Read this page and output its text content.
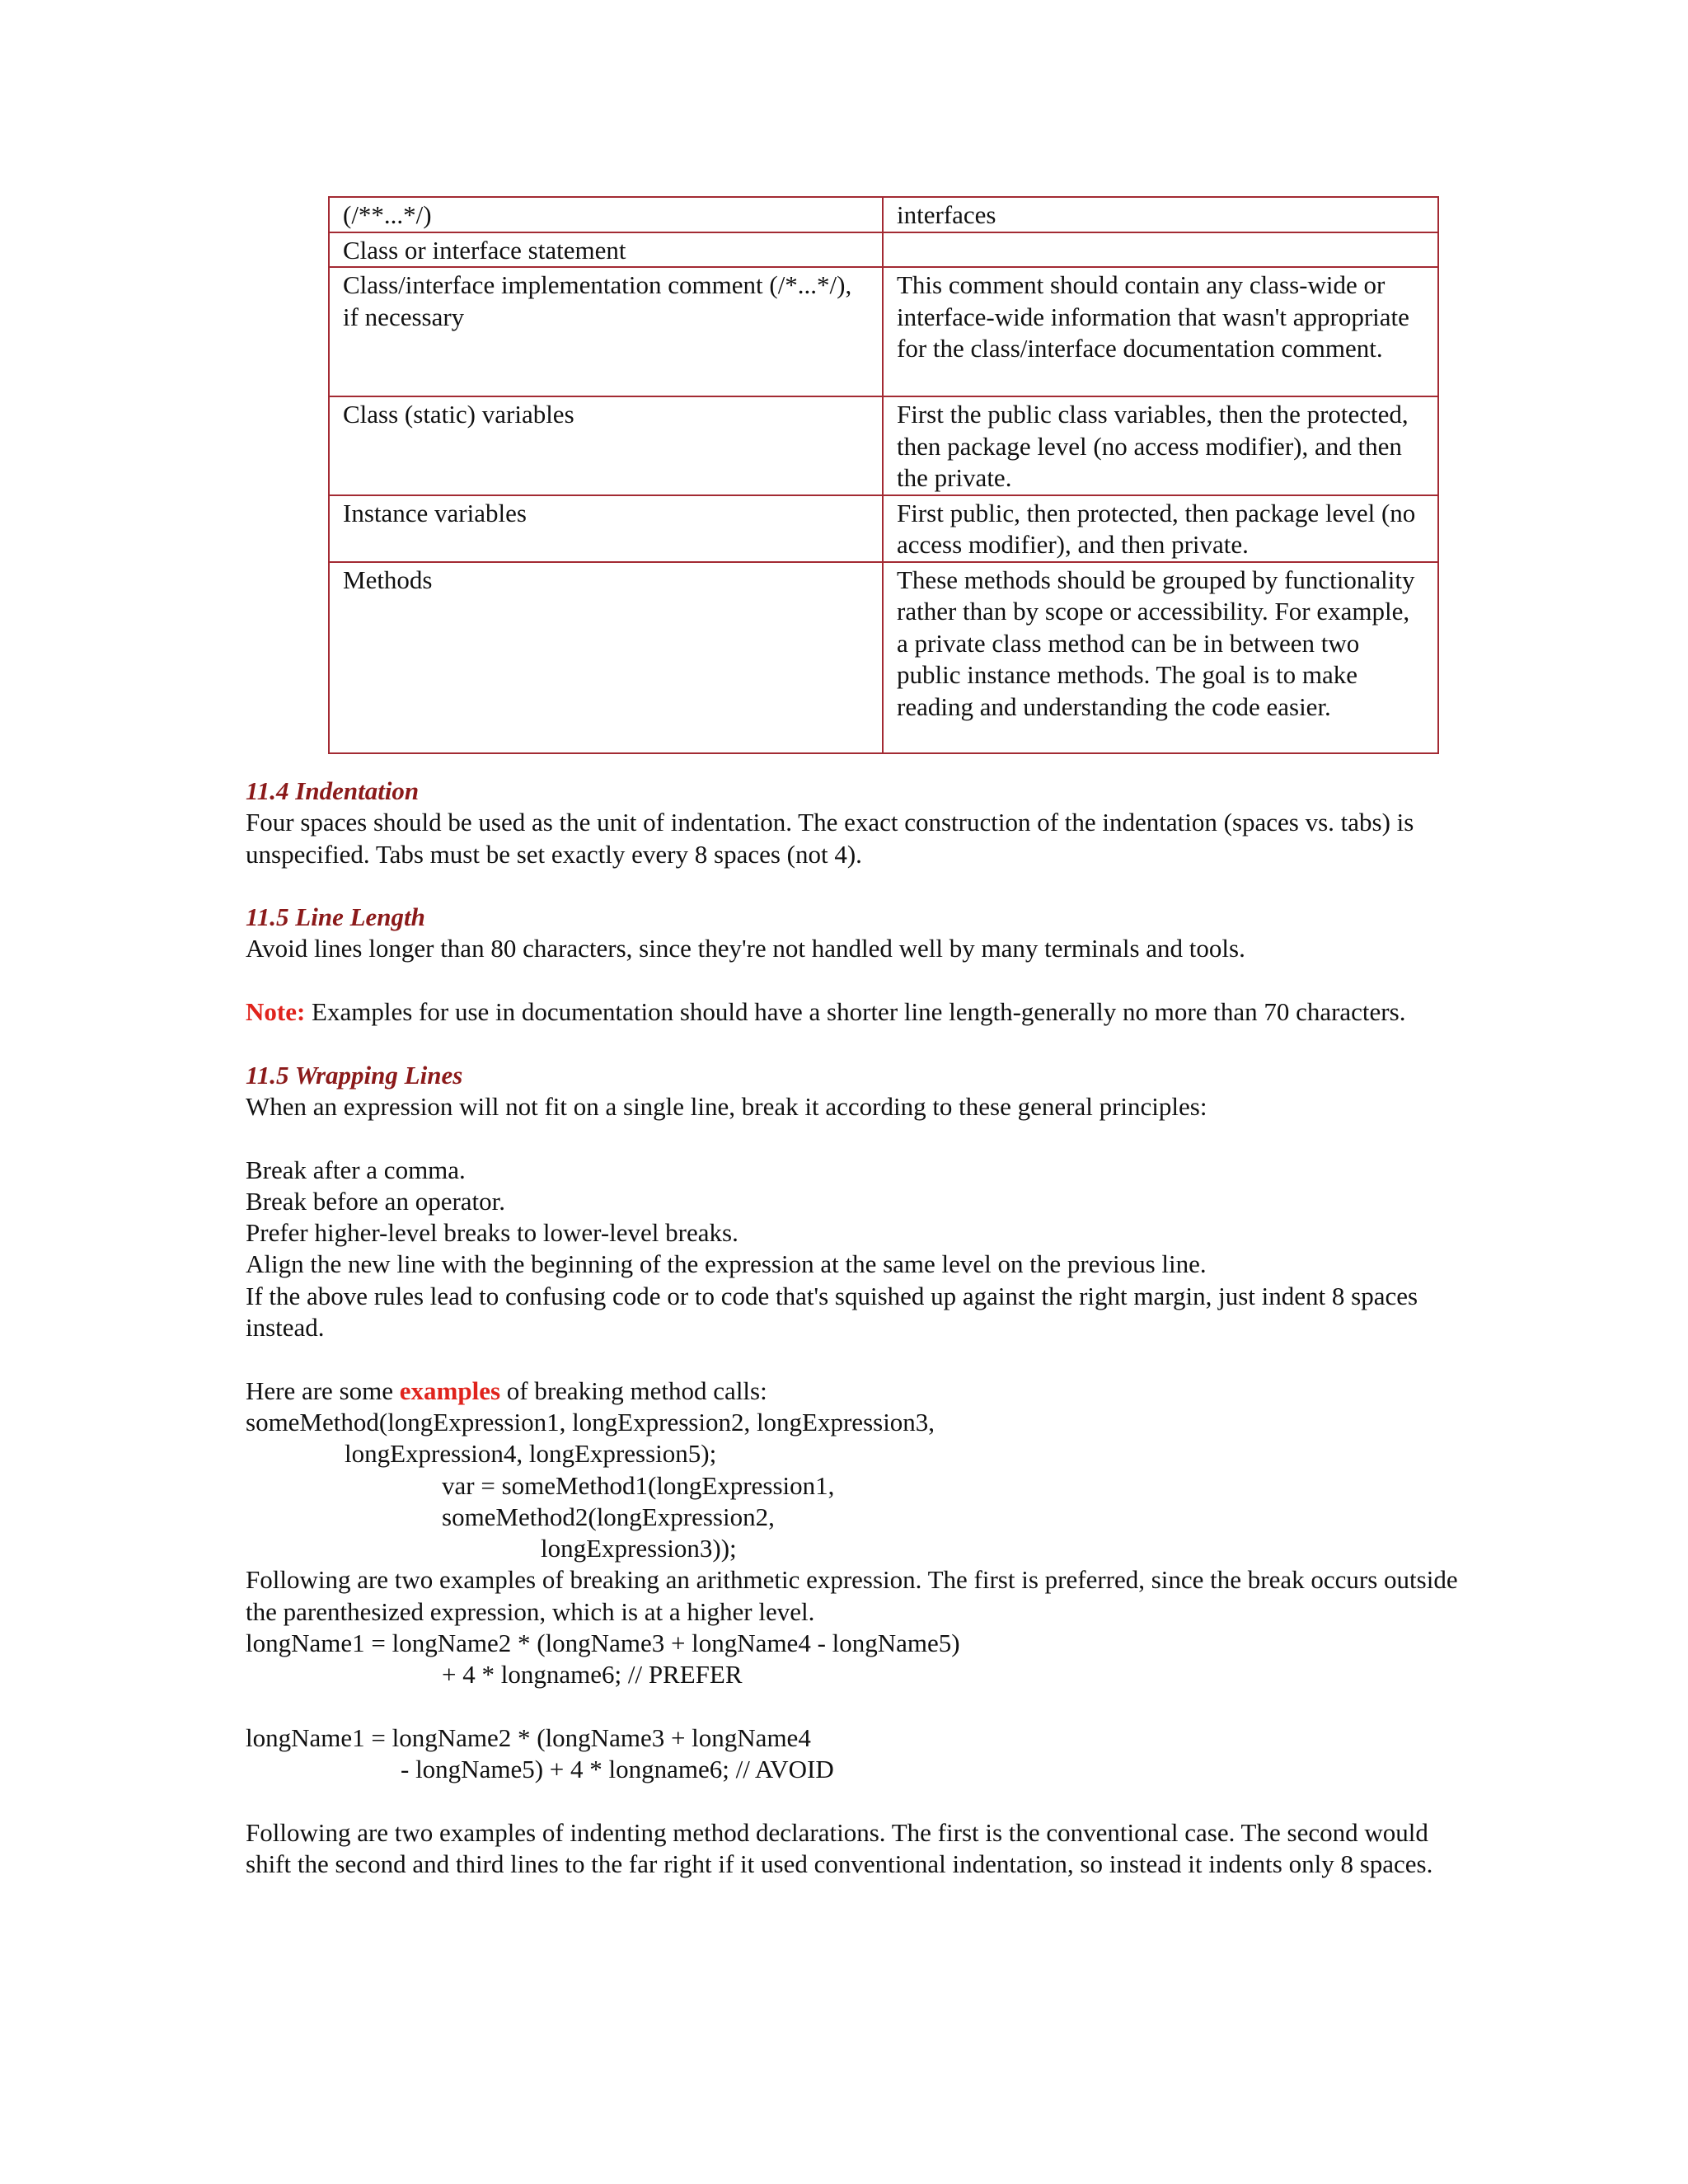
(/**...*/)	interfaces
Class or interface statement	
Class/interface implementation comment (/*...*/), if necessary	This comment should contain any class-wide or interface-wide information that wasn't appropriate for the class/interface documentation comment.
Class (static) variables	First the public class variables, then the protected, then package level (no access modifier), and then the private.
Instance variables	First public, then protected, then package level (no access modifier), and then private.
Methods	These methods should be grouped by functionality rather than by scope or accessibility. For example, a private class method can be in between two public instance methods. The goal is to make reading and understanding the code easier.

11.4 Indentation

Four spaces should be used as the unit of indentation. The exact construction of the indentation (spaces vs. tabs) is unspecified. Tabs must be set exactly every 8 spaces (not 4).

11.5 Line Length

Avoid lines longer than 80 characters, since they're not handled well by many terminals and tools.

Note: Examples for use in documentation should have a shorter line length-generally no more than 70 characters.

11.5 Wrapping Lines

When an expression will not fit on a single line, break it according to these general principles:

Break after a comma.

Break before an operator.

Prefer higher-level breaks to lower-level breaks.

Align the new line with the beginning of the expression at the same level on the previous line.

If the above rules lead to confusing code or to code that's squished up against the right margin, just indent 8 spaces instead.

Here are some examples of breaking method calls:

someMethod(longExpression1, longExpression2, longExpression3,

longExpression4, longExpression5);

var = someMethod1(longExpression1,

someMethod2(longExpression2,

longExpression3));

Following are two examples of breaking an arithmetic expression. The first is preferred, since the break occurs outside the parenthesized expression, which is at a higher level.

longName1 = longName2 * (longName3 + longName4 - longName5)

+ 4 * longname6; // PREFER

longName1 = longName2 * (longName3 + longName4

- longName5) + 4 * longname6; // AVOID

Following are two examples of indenting method declarations. The first is the conventional case. The second would shift the second and third lines to the far right if it used conventional indentation, so instead it indents only 8 spaces.
